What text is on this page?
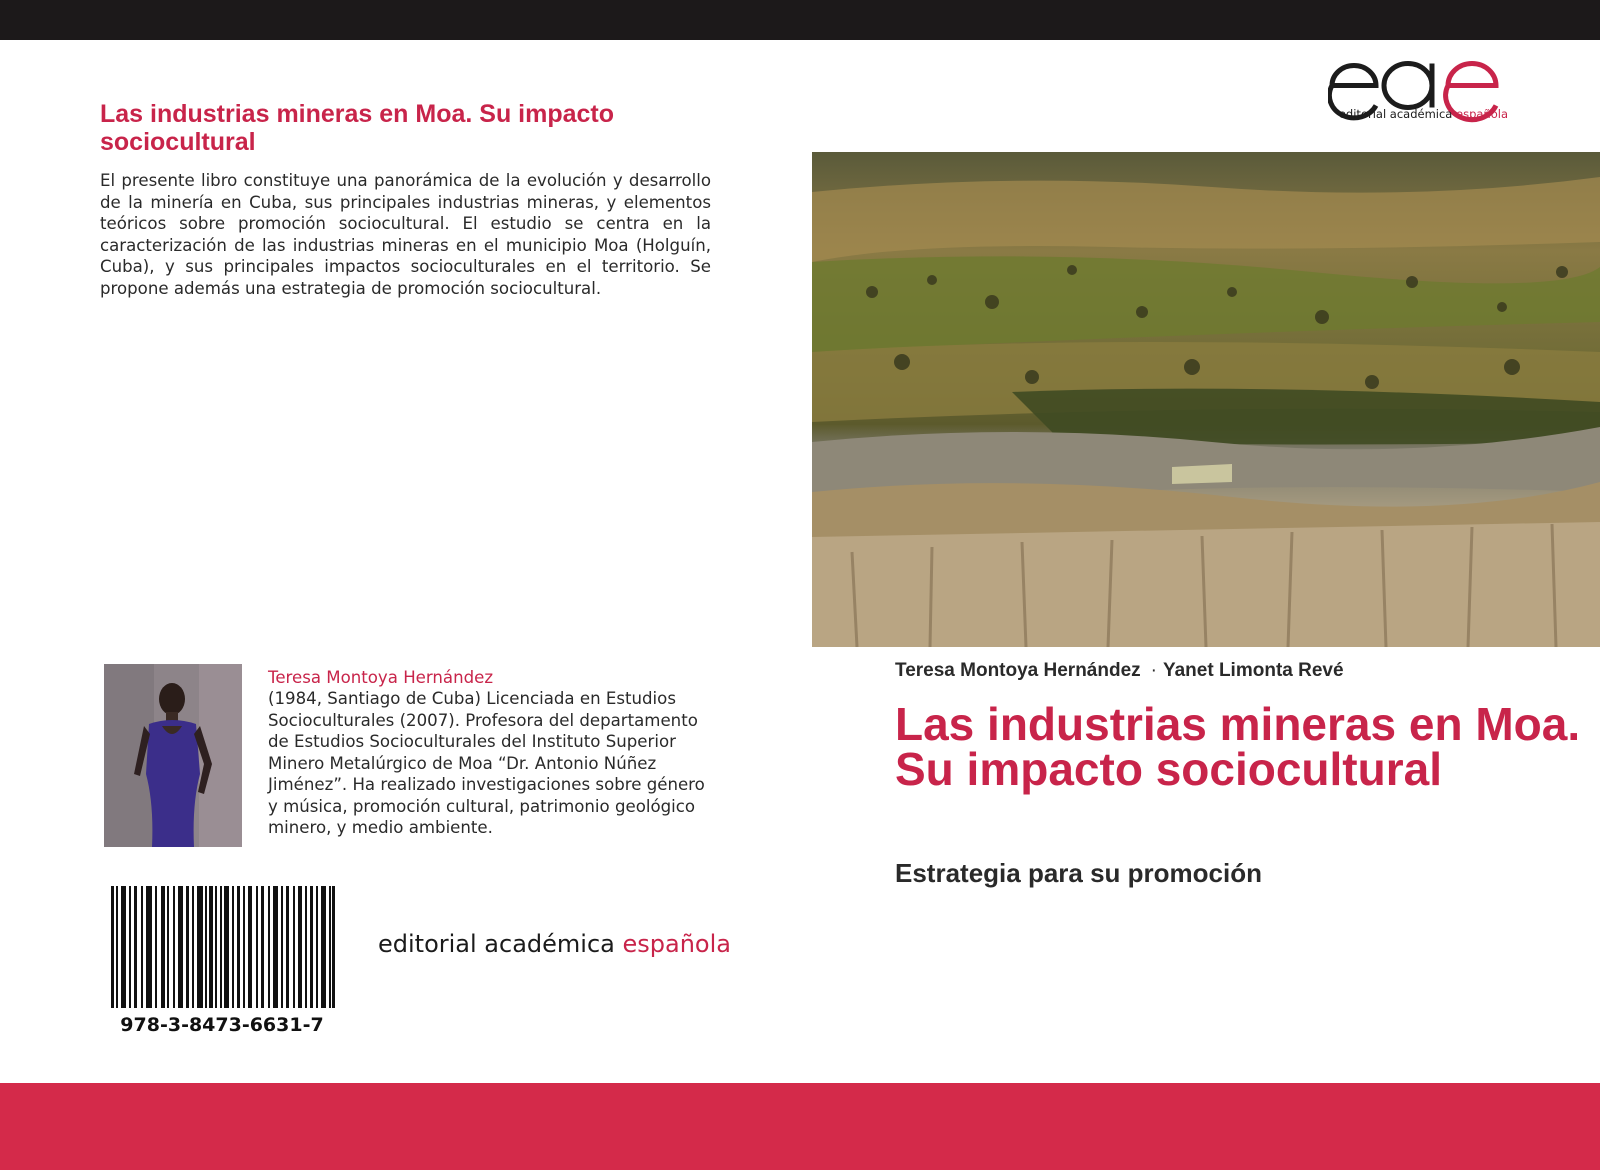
Las industrias mineras en Moa. Su impacto sociocultural

El presente libro constituye una panorámica de la evolución y desarrollo de la minería en Cuba, sus principales industrias mineras, y elementos teóricos sobre promoción sociocultural. El estudio se centra en la caracterización de las industrias mineras en el municipio Moa (Holguín, Cuba), y sus principales impactos socioculturales en el territorio. Se propone además una estrategia de promoción sociocultural.

Teresa Montoya Hernández

(1984, Santiago de Cuba) Licenciada en Estudios Socioculturales (2007). Profesora del departamento de Estudios Socioculturales del Instituto Superior Minero Metalúrgico de Moa “Dr. Antonio Núñez Jiménez”. Ha realizado investigaciones sobre género y música, promoción cultural, patrimonio geológico minero, y medio ambiente.

978-3-8473-6631-7
editorial académica española
editorial académica española
Teresa Montoya Hernández · Yanet Limonta Revé
Las industrias mineras en Moa. Su impacto sociocultural
Estrategia para su promoción
